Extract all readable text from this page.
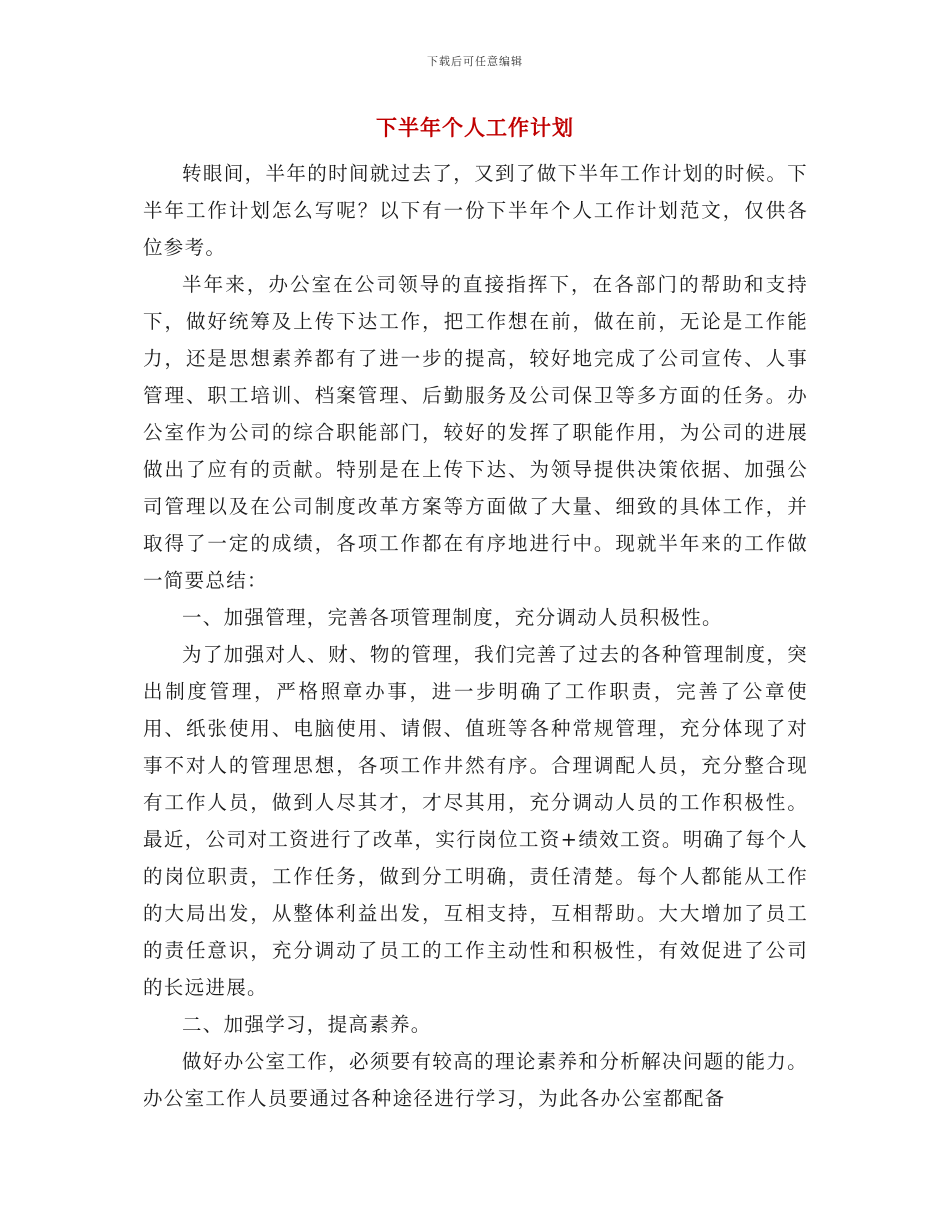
下载后可任意编辑
下半年个人工作计划

转眼间，半年的时间就过去了，又到了做下半年工作计划的时候。下半年工作计划怎么写呢？以下有一份下半年个人工作计划范文，仅供各位参考。

半年来，办公室在公司领导的直接指挥下，在各部门的帮助和支持下，做好统筹及上传下达工作，把工作想在前，做在前，无论是工作能力，还是思想素养都有了进一步的提高，较好地完成了公司宣传、人事管理、职工培训、档案管理、后勤服务及公司保卫等多方面的任务。办公室作为公司的综合职能部门，较好的发挥了职能作用，为公司的进展做出了应有的贡献。特别是在上传下达、为领导提供决策依据、加强公司管理以及在公司制度改革方案等方面做了大量、细致的具体工作，并取得了一定的成绩，各项工作都在有序地进行中。现就半年来的工作做一简要总结：

一、加强管理，完善各项管理制度，充分调动人员积极性。

为了加强对人、财、物的管理，我们完善了过去的各种管理制度，突出制度管理，严格照章办事，进一步明确了工作职责，完善了公章使用、纸张使用、电脑使用、请假、值班等各种常规管理，充分体现了对事不对人的管理思想，各项工作井然有序。合理调配人员，充分整合现有工作人员，做到人尽其才，才尽其用，充分调动人员的工作积极性。最近，公司对工资进行了改革，实行岗位工资+绩效工资。明确了每个人的岗位职责，工作任务，做到分工明确，责任清楚。每个人都能从工作的大局出发，从整体利益出发，互相支持，互相帮助。大大增加了员工的责任意识，充分调动了员工的工作主动性和积极性，有效促进了公司的长远进展。

二、加强学习，提高素养。

做好办公室工作，必须要有较高的理论素养和分析解决问题的能力。办公室工作人员要通过各种途径进行学习，为此各办公室都配备
